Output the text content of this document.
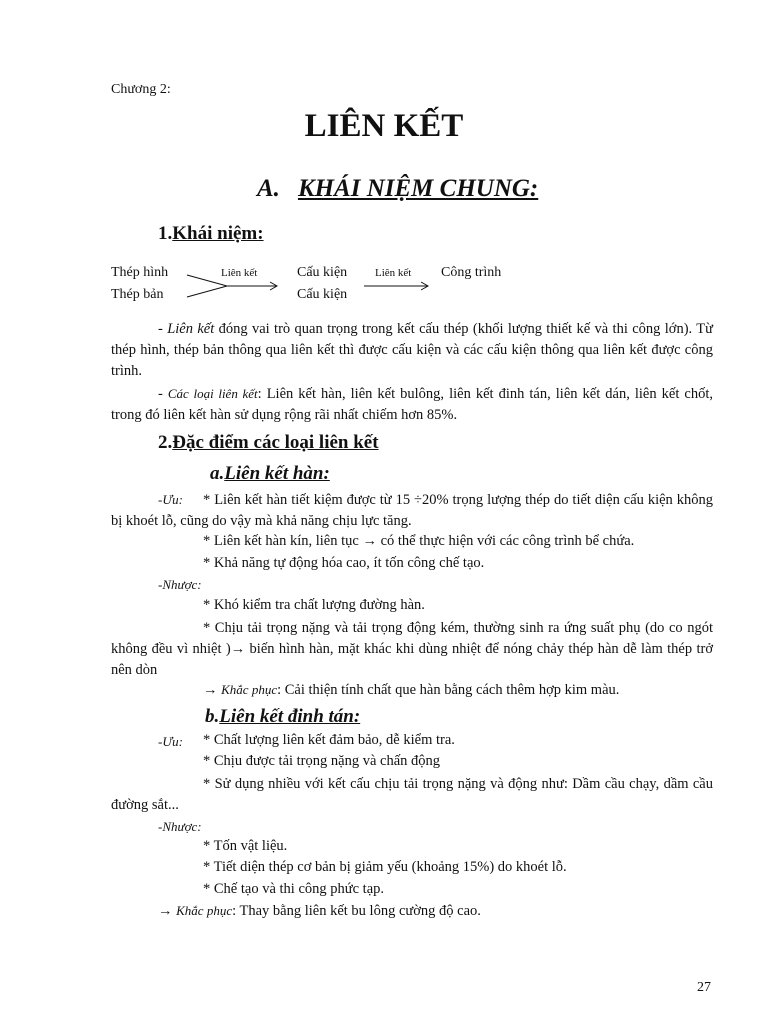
Chương 2:
LIÊN KẾT
A. KHÁI NIỆM CHUNG:
1.Khái niệm:
Thép hình
Thép bản
Liên kết	Cấu kiện
Cấu kiện
Liên kết Công trình
- Liên kết đóng vai trò quan trọng trong kết cấu thép (khối lượng thiết kế và thi công lớn). Từ thép hình, thép bản thông qua liên kết thì được cấu kiện và các cấu kiện thông qua liên kết được công trình.
- Các loại liên kết: Liên kết hàn, liên kết bulông, liên kết đinh tán, liên kết dán, liên kết chốt, trong đó liên kết hàn sử dụng rộng rãi nhất chiếm hơn 85%.
2.Đặc điểm các loại liên kết
a.Liên kết hàn:
-Ưu:	* Liên kết hàn tiết kiệm được từ 15 ÷20% trọng lượng thép do tiết diện cấu kiện không bị khoét lỗ, cũng do vậy mà khả năng chịu lực tăng.
* Liên kết hàn kín, liên tục → có thể thực hiện với các công trình bể chứa.
* Khả năng tự động hóa cao, ít tốn công chế tạo.
-Nhược:
* Khó kiểm tra chất lượng đường hàn.
* Chịu tải trọng nặng và tải trọng động kém, thường sinh ra ứng suất phụ (do co ngót không đều vì nhiệt )→ biến hình hàn, mặt khác khi dùng nhiệt để nóng chảy thép hàn dễ làm thép trở nên dòn
→ Khắc phục: Cải thiện tính chất que hàn bằng cách thêm hợp kim màu.
b.Liên kết đinh tán:
-Ưu: * Chất lượng liên kết đảm bảo, dễ kiểm tra.
* Chịu được tải trọng nặng và chấn động
* Sử dụng nhiều với kết cấu chịu tải trọng nặng và động như: Dầm cầu chạy, dầm cầu đường sắt...
-Nhược:
* Tốn vật liệu.
* Tiết diện thép cơ bản bị giảm yếu (khoảng 15%) do khoét lỗ.
* Chế tạo và thi công phức tạp.
→ Khắc phục: Thay bằng liên kết bu lông cường độ cao.
27
